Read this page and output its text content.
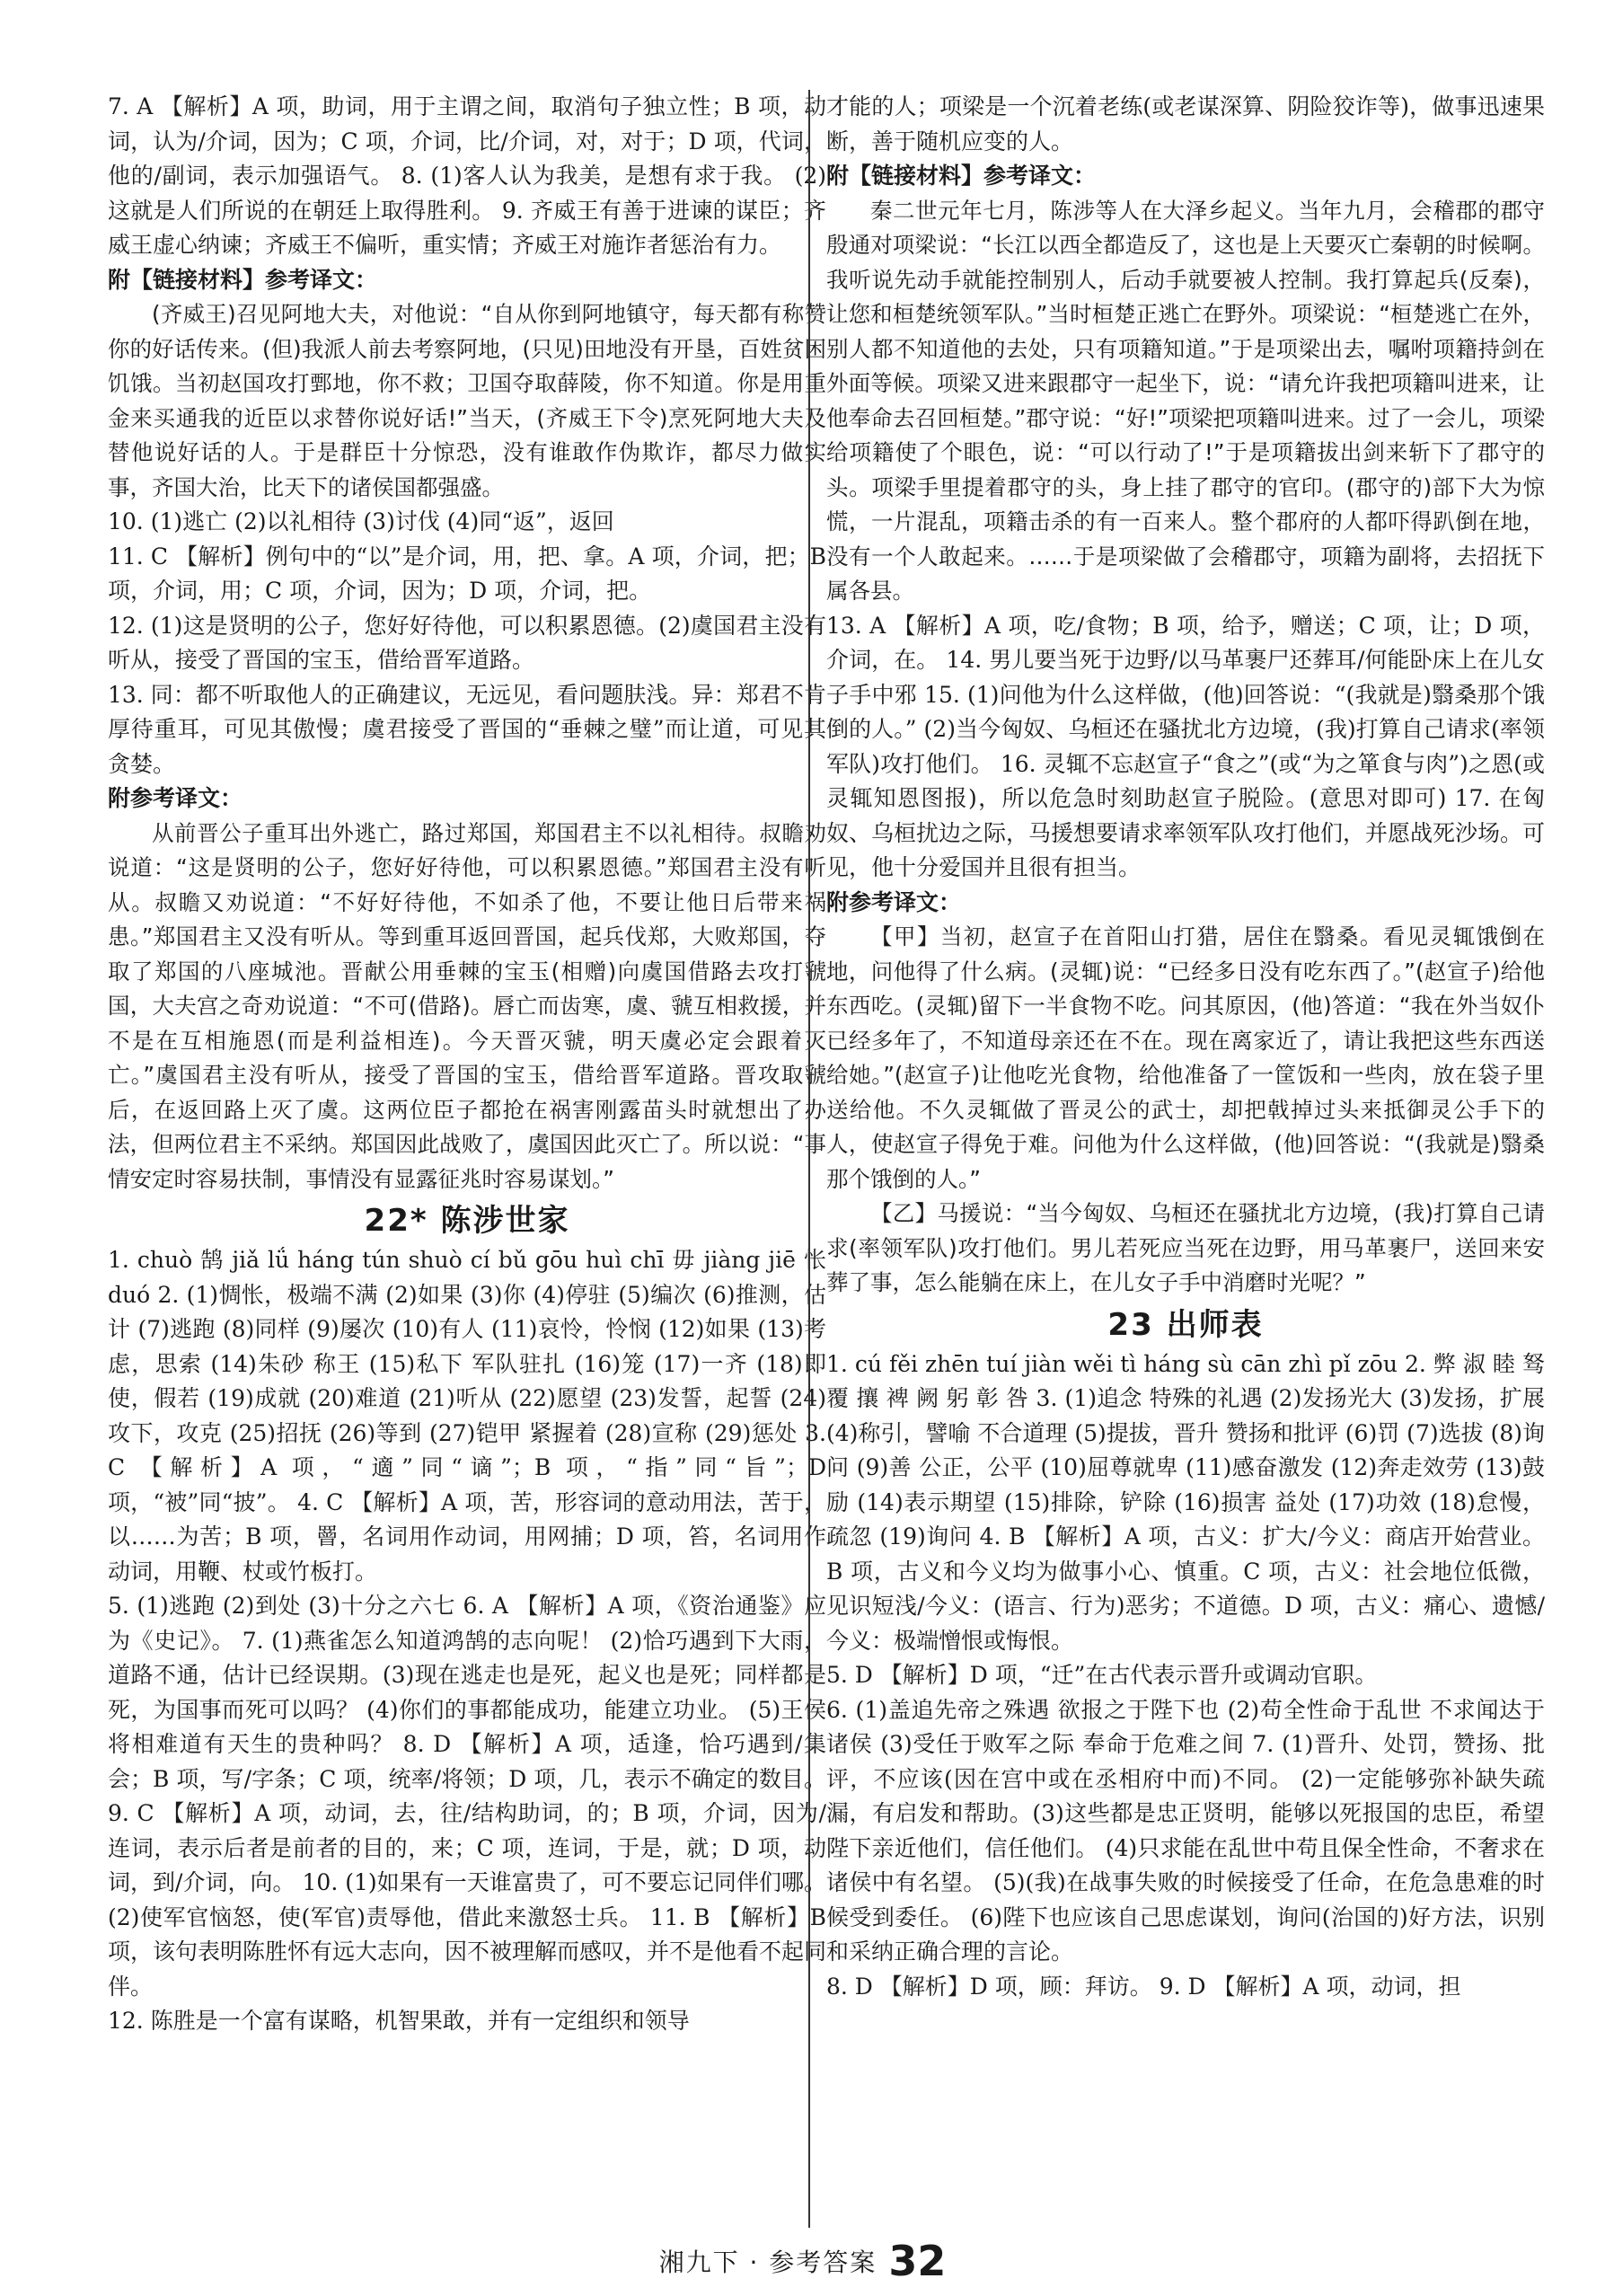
7. A 【解析】A 项，助词，用于主谓之间，取消句子独立性；B 项，动词，认为/介词，因为；C 项，介词，比/介词，对，对于；D 项，代词，他的/副词，表示加强语气。 8. (1)客人认为我美，是想有求于我。 (2)这就是人们所说的在朝廷上取得胜利。 9. 齐威王有善于进谏的谋臣；齐威王虚心纳谏；齐威王不偏听，重实情；齐威王对施诈者惩治有力。

附【链接材料】参考译文：

(齐威王)召见阿地大夫，对他说：“自从你到阿地镇守，每天都有称赞你的好话传来。(但)我派人前去考察阿地，(只见)田地没有开垦，百姓贫困饥饿。当初赵国攻打鄄地，你不救；卫国夺取薛陵，你不知道。你是用重金来买通我的近臣以求替你说好话!”当天，(齐威王下令)烹死阿地大夫及替他说好话的人。于是群臣十分惊恐，没有谁敢作伪欺诈，都尽力做实事，齐国大治，比天下的诸侯国都强盛。

10. (1)逃亡 (2)以礼相待 (3)讨伐 (4)同“返”，返回

11. C 【解析】例句中的“以”是介词，用，把、拿。A 项，介词，把；B 项，介词，用；C 项，介词，因为；D 项，介词，把。

12. (1)这是贤明的公子，您好好待他，可以积累恩德。(2)虞国君主没有听从，接受了晋国的宝玉，借给晋军道路。

13. 同：都不听取他人的正确建议，无远见，看问题肤浅。异：郑君不肯厚待重耳，可见其傲慢；虞君接受了晋国的“垂棘之璧”而让道，可见其贪婪。

附参考译文：

从前晋公子重耳出外逃亡，路过郑国，郑国君主不以礼相待。叔瞻劝说道：“这是贤明的公子，您好好待他，可以积累恩德。”郑国君主没有听从。叔瞻又劝说道：“不好好待他，不如杀了他，不要让他日后带来祸患。”郑国君主又没有听从。等到重耳返回晋国，起兵伐郑，大败郑国，夺取了郑国的八座城池。晋献公用垂棘的宝玉(相赠)向虞国借路去攻打虢国，大夫宫之奇劝说道：“不可(借路)。唇亡而齿寒，虞、虢互相救援，并不是在互相施恩(而是利益相连)。今天晋灭虢，明天虞必定会跟着灭亡。”虞国君主没有听从，接受了晋国的宝玉，借给晋军道路。晋攻取虢后，在返回路上灭了虞。这两位臣子都抢在祸害刚露苗头时就想出了办法，但两位君主不采纳。郑国因此战败了，虞国因此灭亡了。所以说：“事情安定时容易扶制，事情没有显露征兆时容易谋划。”

22* 陈涉世家

1. chuò 鹄 jiǎ lǘ háng tún shuò cí bǔ gōu huì chī 毋 jiàng jiē 怅 duó 2. (1)惆怅，极端不满 (2)如果 (3)你 (4)停驻 (5)编次 (6)推测，估计 (7)逃跑 (8)同样 (9)屡次 (10)有人 (11)哀怜，怜悯 (12)如果 (13)考虑，思索 (14)朱砂 称王 (15)私下 军队驻扎 (16)笼 (17)一齐 (18)即使，假若 (19)成就 (20)难道 (21)听从 (22)愿望 (23)发誓，起誓 (24)攻下，攻克 (25)招抚 (26)等到 (27)铠甲 紧握着 (28)宣称 (29)惩处 3. C 【解析】A 项，“適”同“谪”；B 项，“指”同“旨”；D 项，“被”同“披”。 4. C 【解析】A 项，苦，形容词的意动用法，苦于，以……为苦；B 项，罾，名词用作动词，用网捕；D 项，笞，名词用作动词，用鞭、杖或竹板打。

5. (1)逃跑 (2)到处 (3)十分之六七 6. A 【解析】A 项，《资治通鉴》应为《史记》。 7. (1)燕雀怎么知道鸿鹄的志向呢！ (2)恰巧遇到下大雨，道路不通，估计已经误期。(3)现在逃走也是死，起义也是死；同样都是死，为国事而死可以吗？ (4)你们的事都能成功，能建立功业。 (5)王侯将相难道有天生的贵种吗？ 8. D 【解析】A 项，适逢，恰巧遇到/集会；B 项，写/字条；C 项，统率/将领；D 项，几，表示不确定的数目。 9. C 【解析】A 项，动词，去，往/结构助词，的；B 项，介词，因为/连词，表示后者是前者的目的，来；C 项，连词，于是，就；D 项，动词，到/介词，向。 10. (1)如果有一天谁富贵了，可不要忘记同伴们哪。 (2)使军官恼怒，使(军官)责辱他，借此来激怒士兵。 11. B 【解析】B 项，该句表明陈胜怀有远大志向，因不被理解而感叹，并不是他看不起同伴。

12. 陈胜是一个富有谋略，机智果敢，并有一定组织和领导

才能的人；项梁是一个沉着老练(或老谋深算、阴险狡诈等)，做事迅速果断，善于随机应变的人。

附【链接材料】参考译文：

秦二世元年七月，陈涉等人在大泽乡起义。当年九月，会稽郡的郡守殷通对项梁说：“长江以西全都造反了，这也是上天要灭亡秦朝的时候啊。我听说先动手就能控制别人，后动手就要被人控制。我打算起兵(反秦)，让您和桓楚统领军队。”当时桓楚正逃亡在野外。项梁说：“桓楚逃亡在外，别人都不知道他的去处，只有项籍知道。”于是项梁出去，嘱咐项籍持剑在外面等候。项梁又进来跟郡守一起坐下，说：“请允许我把项籍叫进来，让他奉命去召回桓楚。”郡守说：“好!”项梁把项籍叫进来。过了一会儿，项梁给项籍使了个眼色，说：“可以行动了!”于是项籍拔出剑来斩下了郡守的头。项梁手里提着郡守的头，身上挂了郡守的官印。(郡守的)部下大为惊慌，一片混乱，项籍击杀的有一百来人。整个郡府的人都吓得趴倒在地，没有一个人敢起来。……于是项梁做了会稽郡守，项籍为副将，去招抚下属各县。

13. A 【解析】A 项，吃/食物；B 项，给予，赠送；C 项，让；D 项，介词，在。 14. 男儿要当死于边野/以马革裹尸还葬耳/何能卧床上在儿女子手中邪 15. (1)问他为什么这样做，(他)回答说：“(我就是)翳桑那个饿倒的人。” (2)当今匈奴、乌桓还在骚扰北方边境，(我)打算自己请求(率领军队)攻打他们。 16. 灵辄不忘赵宣子“食之”(或“为之箪食与肉”)之恩(或灵辄知恩图报)，所以危急时刻助赵宣子脱险。(意思对即可) 17. 在匈奴、乌桓扰边之际，马援想要请求率领军队攻打他们，并愿战死沙场。可见，他十分爱国并且很有担当。

附参考译文：

【甲】当初，赵宣子在首阳山打猎，居住在翳桑。看见灵辄饿倒在地，问他得了什么病。(灵辄)说：“已经多日没有吃东西了。”(赵宣子)给他东西吃。(灵辄)留下一半食物不吃。问其原因，(他)答道：“我在外当奴仆已经多年了，不知道母亲还在不在。现在离家近了，请让我把这些东西送给她。”(赵宣子)让他吃光食物，给他准备了一筐饭和一些肉，放在袋子里送给他。不久灵辄做了晋灵公的武士，却把戟掉过头来抵御灵公手下的人，使赵宣子得免于难。问他为什么这样做，(他)回答说：“(我就是)翳桑那个饿倒的人。”

【乙】马援说：“当今匈奴、乌桓还在骚扰北方边境，(我)打算自己请求(率领军队)攻打他们。男儿若死应当死在边野，用马革裹尸，送回来安葬了事，怎么能躺在床上，在儿女子手中消磨时光呢？”

23 出师表

1. cú fěi zhēn tuí jiàn wěi tì háng sù cān zhì pǐ zōu 2. 弊 淑 睦 驽 覆 攘 裨 阙 躬 彰 咎 3. (1)追念 特殊的礼遇 (2)发扬光大 (3)发扬，扩展 (4)称引，譬喻 不合道理 (5)提拔，晋升 赞扬和批评 (6)罚 (7)选拔 (8)询问 (9)善 公正，公平 (10)屈尊就卑 (11)感奋激发 (12)奔走效劳 (13)鼓励 (14)表示期望 (15)排除，铲除 (16)损害 益处 (17)功效 (18)怠慢，疏忽 (19)询问 4. B 【解析】A 项，古义：扩大/今义：商店开始营业。B 项，古义和今义均为做事小心、慎重。C 项，古义：社会地位低微，见识短浅/今义：(语言、行为)恶劣；不道德。D 项，古义：痛心、遗憾/今义：极端憎恨或悔恨。

5. D 【解析】D 项，“迁”在古代表示晋升或调动官职。

6. (1)盖追先帝之殊遇 欲报之于陛下也 (2)苟全性命于乱世 不求闻达于诸侯 (3)受任于败军之际 奉命于危难之间 7. (1)晋升、处罚，赞扬、批评，不应该(因在宫中或在丞相府中而)不同。 (2)一定能够弥补缺失疏漏，有启发和帮助。(3)这些都是忠正贤明，能够以死报国的忠臣，希望陛下亲近他们，信任他们。 (4)只求能在乱世中苟且保全性命，不奢求在诸侯中有名望。 (5)(我)在战事失败的时候接受了任命，在危急患难的时候受到委任。 (6)陛下也应该自己思虑谋划，询问(治国的)好方法，识别和采纳正确合理的言论。

8. D 【解析】D 项，顾：拜访。 9. D 【解析】A 项，动词，担

湘九下 · 参考答案 32
